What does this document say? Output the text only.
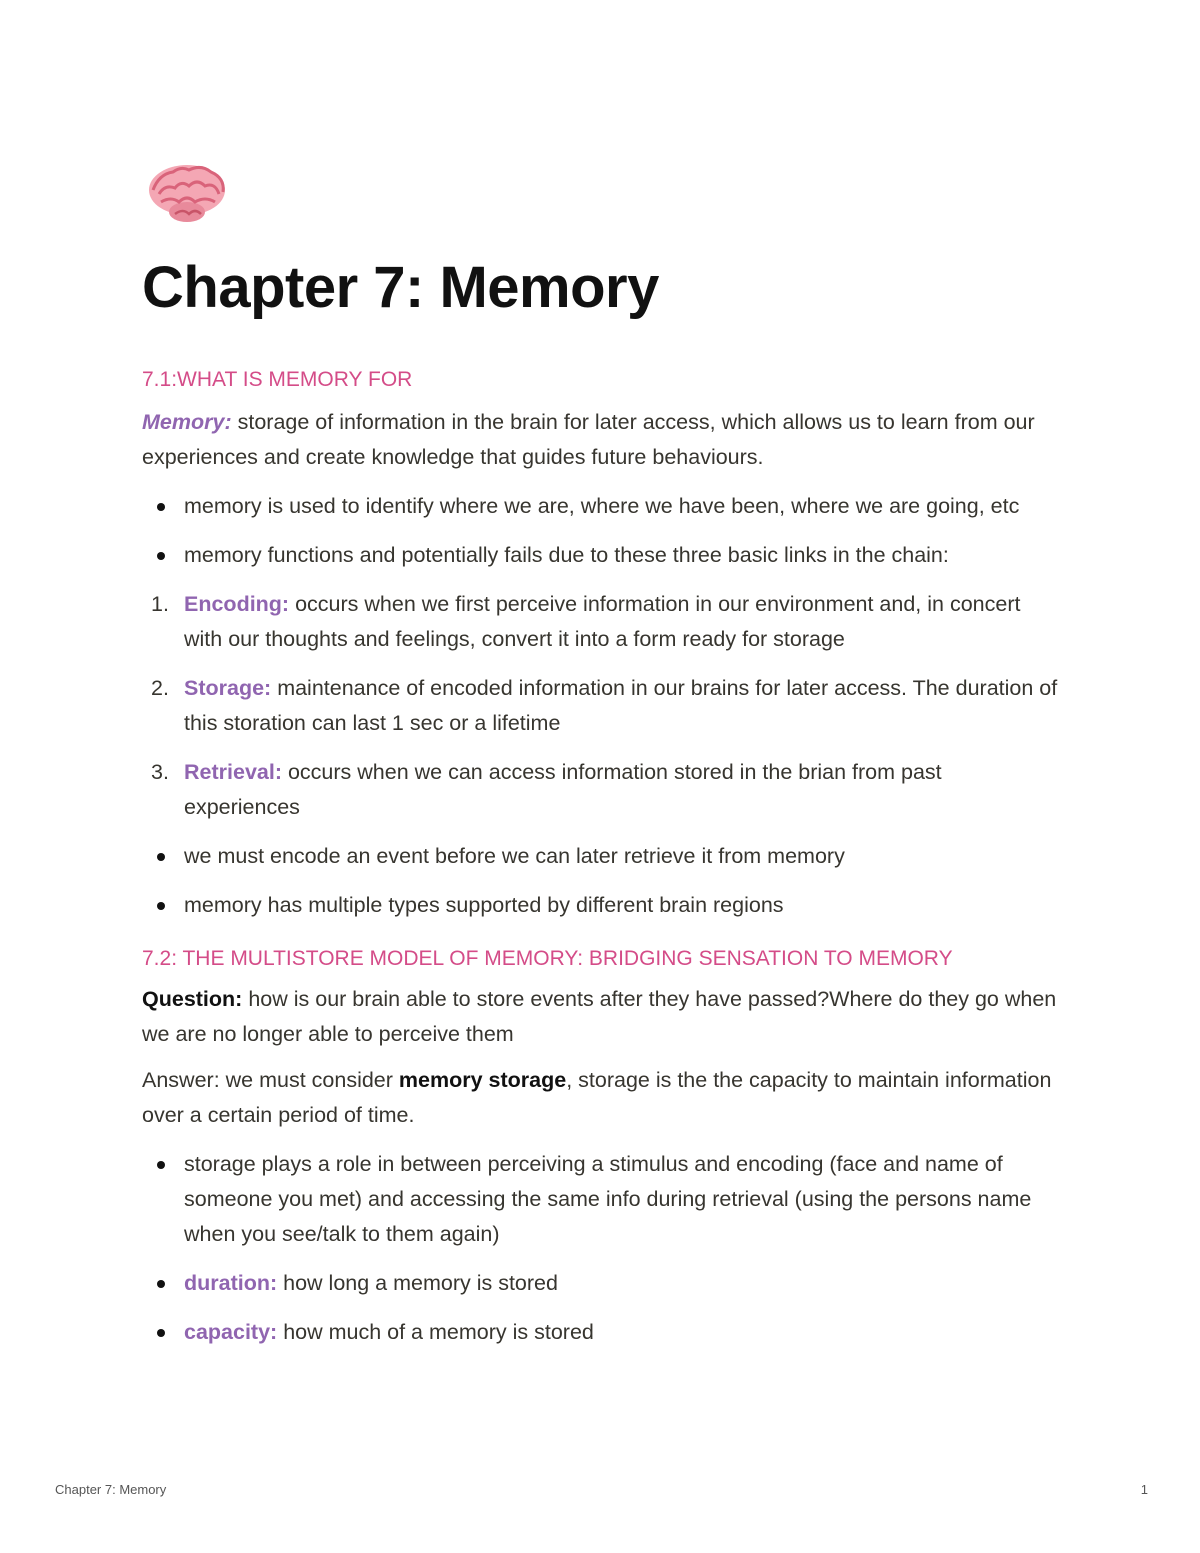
Chapter 7: Memory
7.1:WHAT IS MEMORY FOR

Memory: storage of information in the brain for later access, which allows us to learn from our experiences and create knowledge that guides future behaviours.

memory is used to identify where we are, where we have been, where we are going, etc
memory functions and potentially fails due to these three basic links in the chain:
1. Encoding: occurs when we first perceive information in our environment and, in concert with our thoughts and feelings, convert it into a form ready for storage
2. Storage: maintenance of encoded information in our brains for later access. The duration of this storation can last 1 sec or a lifetime
3. Retrieval: occurs when we can access information stored in the brian from past experiences
we must encode an event before we can later retrieve it from memory
memory has multiple types supported by different brain regions
7.2: THE MULTISTORE MODEL OF MEMORY: BRIDGING SENSATION TO MEMORY

Question: how is our brain able to store events after they have passed?Where do they go when we are no longer able to perceive them

Answer: we must consider memory storage, storage is the the capacity to maintain information over a certain period of time.

storage plays a role in between perceiving a stimulus and encoding (face and name of someone you met) and accessing the same info during retrieval (using the persons name when you see/talk to them again)
duration: how long a memory is stored
capacity: how much of a memory is stored
Chapter 7: Memory	1
